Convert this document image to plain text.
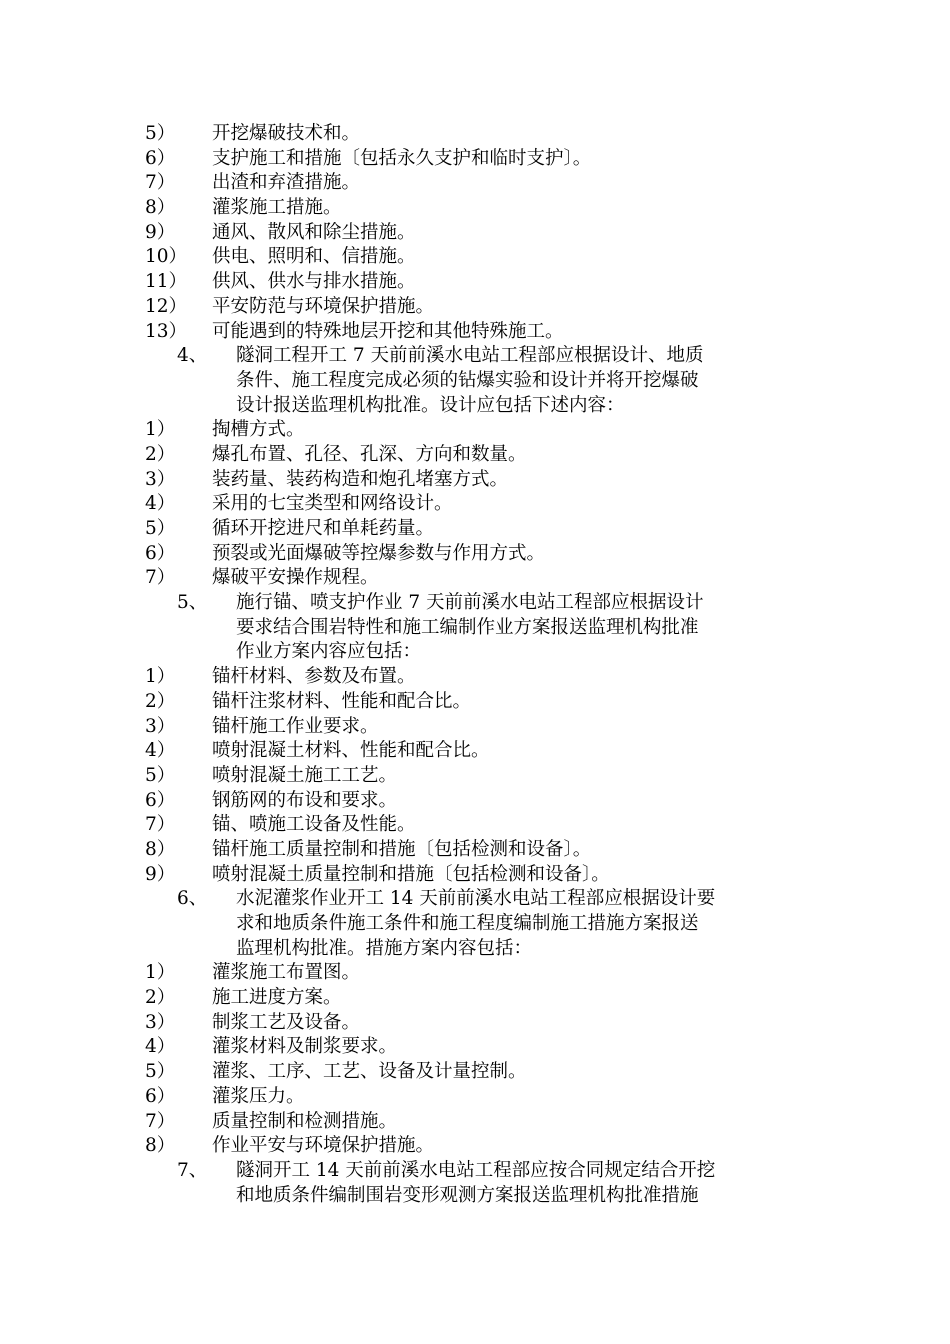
5） 开挖爆破技术和。
6） 支护施工和措施〔包括永久支护和临时支护〕。
7） 出渣和弃渣措施。
8） 灌浆施工措施。
9） 通风、散风和除尘措施。
10） 供电、照明和、信措施。
11） 供风、供水与排水措施。
12） 平安防范与环境保护措施。
13） 可能遇到的特殊地层开挖和其他特殊施工。
4、 隧洞工程开工 7 天前前溪水电站工程部应根据设计、地质
条件、施工程度完成必须的钻爆实验和设计并将开挖爆破
设计报送监理机构批准。设计应包括下述内容：
1） 掏槽方式。
2） 爆孔布置、孔径、孔深、方向和数量。
3） 装药量、装药构造和炮孔堵塞方式。
4） 采用的七宝类型和网络设计。
5） 循环开挖进尺和单耗药量。
6） 预裂或光面爆破等控爆参数与作用方式。
7） 爆破平安操作规程。
5、 施行锚、喷支护作业 7 天前前溪水电站工程部应根据设计
要求结合围岩特性和施工编制作业方案报送监理机构批准
作业方案内容应包括：
1） 锚杆材料、参数及布置。
2） 锚杆注浆材料、性能和配合比。
3） 锚杆施工作业要求。
4） 喷射混凝土材料、性能和配合比。
5） 喷射混凝土施工工艺。
6） 钢筋网的布设和要求。
7） 锚、喷施工设备及性能。
8） 锚杆施工质量控制和措施〔包括检测和设备〕。
9） 喷射混凝土质量控制和措施〔包括检测和设备〕。
6、 水泥灌浆作业开工 14 天前前溪水电站工程部应根据设计要
求和地质条件施工条件和施工程度编制施工措施方案报送
监理机构批准。措施方案内容包括：
1） 灌浆施工布置图。
2） 施工进度方案。
3） 制浆工艺及设备。
4） 灌浆材料及制浆要求。
5） 灌浆、工序、工艺、设备及计量控制。
6） 灌浆压力。
7） 质量控制和检测措施。
8） 作业平安与环境保护措施。
7、 隧洞开工 14 天前前溪水电站工程部应按合同规定结合开挖
和地质条件编制围岩变形观测方案报送监理机构批准措施
